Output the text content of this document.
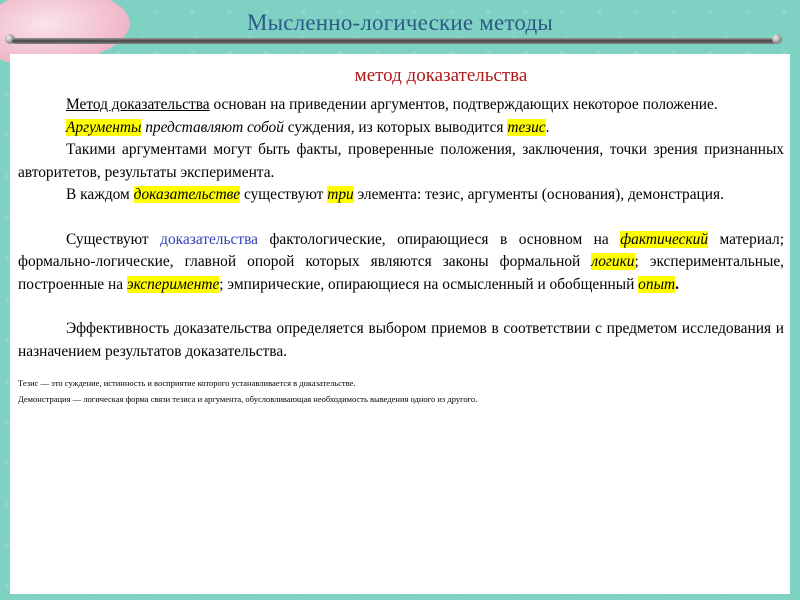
Мысленно-логические методы
метод доказательства

Метод доказательства основан на приведении аргументов, подтверждающих некоторое положение.

Аргументы представляют собой суждения, из которых выводится тезис.

Такими аргументами могут быть факты, проверенные положения, заключения, точки зрения признанных авторитетов, результаты эксперимента.

В каждом доказательстве существуют три элемента: тезис, аргументы (основания), демонстрация.

Существуют доказательства фактологические, опирающиеся в основном на фактический материал; формально-логические, главной опорой которых являются законы формальной логики; экспериментальные, построенные на эксперименте; эмпирические, опирающиеся на осмысленный и обобщенный опыт.

Эффективность доказательства определяется выбором приемов в соответствии с предметом исследования и назначением результатов доказательства.

Тезис — это суждение, истинность и восприятие которого устанавливается в доказательстве.

Демонстрация — логическая форма связи тезиса и аргумента, обусловливающая необходимость выведения одного из другого.
